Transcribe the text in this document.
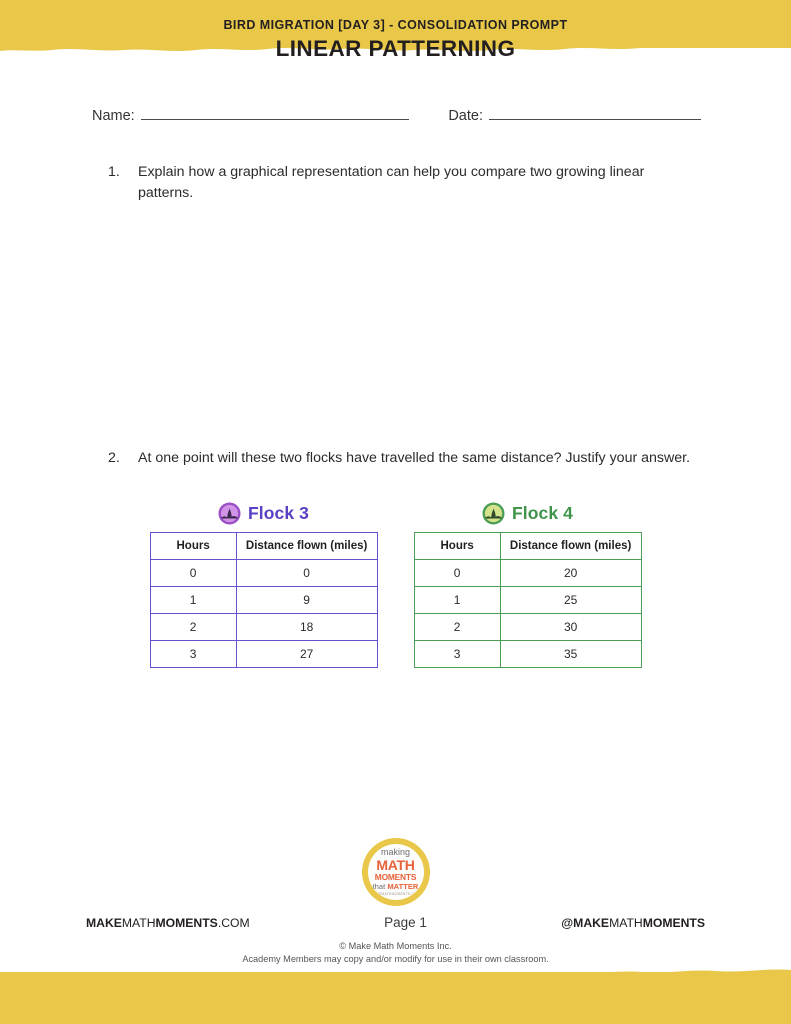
BIRD MIGRATION [DAY 3] - CONSOLIDATION PROMPT
LINEAR PATTERNING
Name:	Date:
1.	Explain how a graphical representation can help you compare two growing linear patterns.
2.	At one point will these two flocks have travelled the same distance? Justify your answer.
Flock 3
Hours	Distance flown (miles)
0	0
1	9
2	18
3	27
Flock 4
Hours	Distance flown (miles)
0	20
1	25
2	30
3	35
making
MATH
MOMENTS
that MATTER
MAKEMATHMOMENTS.COM
MAKEMATHMOMENTS.COM	Page 1	@MAKEMATHMOMENTS
© Make Math Moments Inc.
Academy Members may copy and/or modify for use in their own classroom.
